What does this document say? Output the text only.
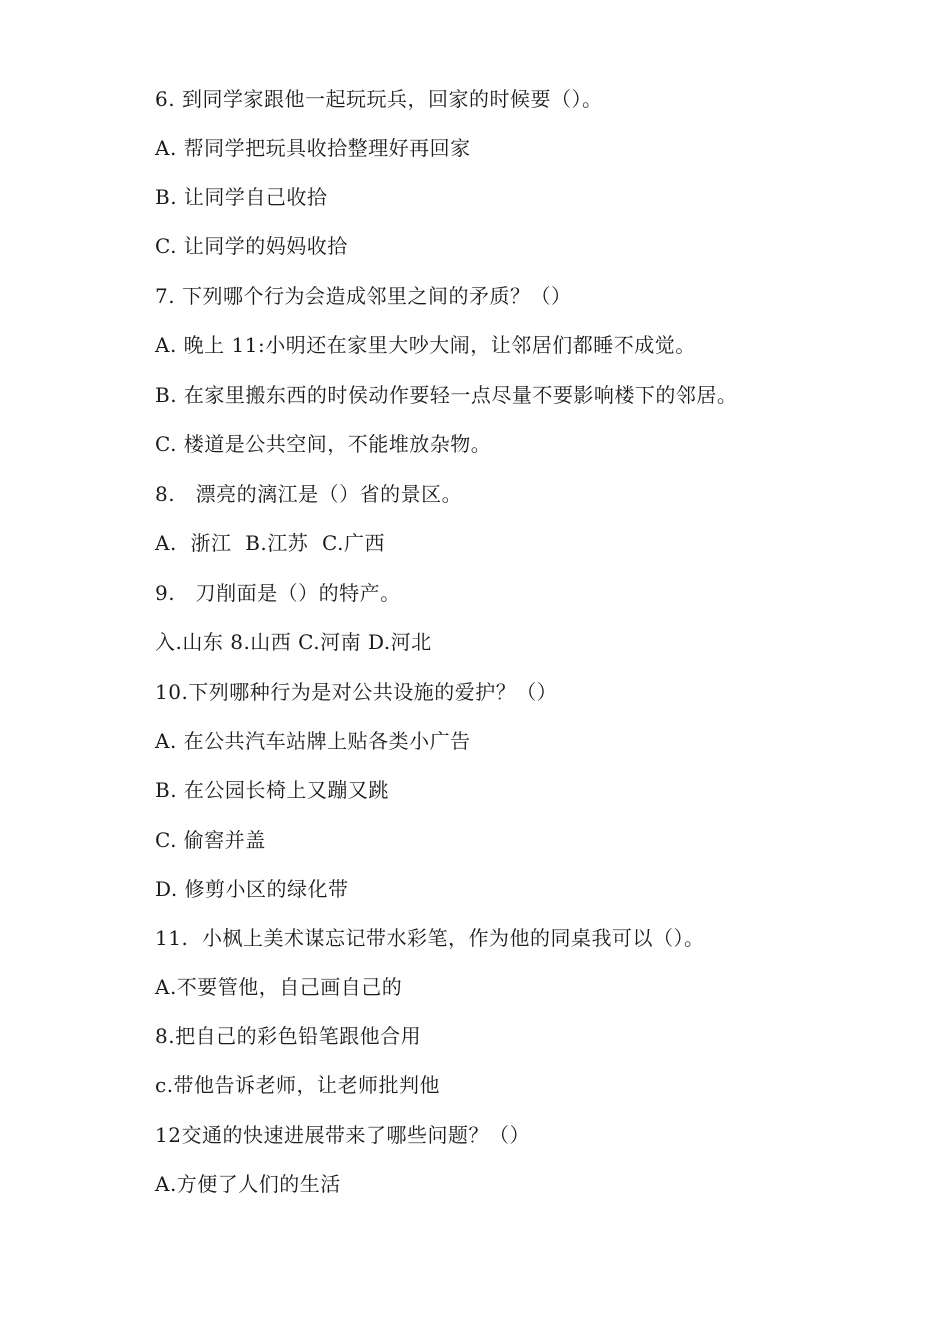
6. 到同学家跟他一起玩玩兵，回家的时候要（）。
A. 帮同学把玩具收拾整理好再回家
B. 让同学自己收拾
C. 让同学的妈妈收拾
7. 下列哪个行为会造成邻里之间的矛质？（）
A. 晚上 11:小明还在家里大吵大闹，让邻居们都睡不成觉。
B. 在家里搬东西的时侯动作要轻一点尽量不要影响楼下的邻居。
C. 楼道是公共空间，不能堆放杂物。
8.   漂亮的漓江是（）省的景区。
A.  浙江  B.江苏  C.广西
9.   刀削面是（）的特产。
入.山东 8.山西 C.河南 D.河北
10.下列哪种行为是对公共设施的爱护？（）
A. 在公共汽车站牌上贴各类小广告
B. 在公园长椅上又蹦又跳
C. 偷窖并盖
D. 修剪小区的绿化带
11.  小枫上美术谋忘记带水彩笔，作为他的同桌我可以（）。
A.不要管他，自己画自己的
8.把自己的彩色铅笔跟他合用
c.带他告诉老师，让老师批判他
12交通的快速进展带来了哪些问题？（）
A.方便了人们的生活
